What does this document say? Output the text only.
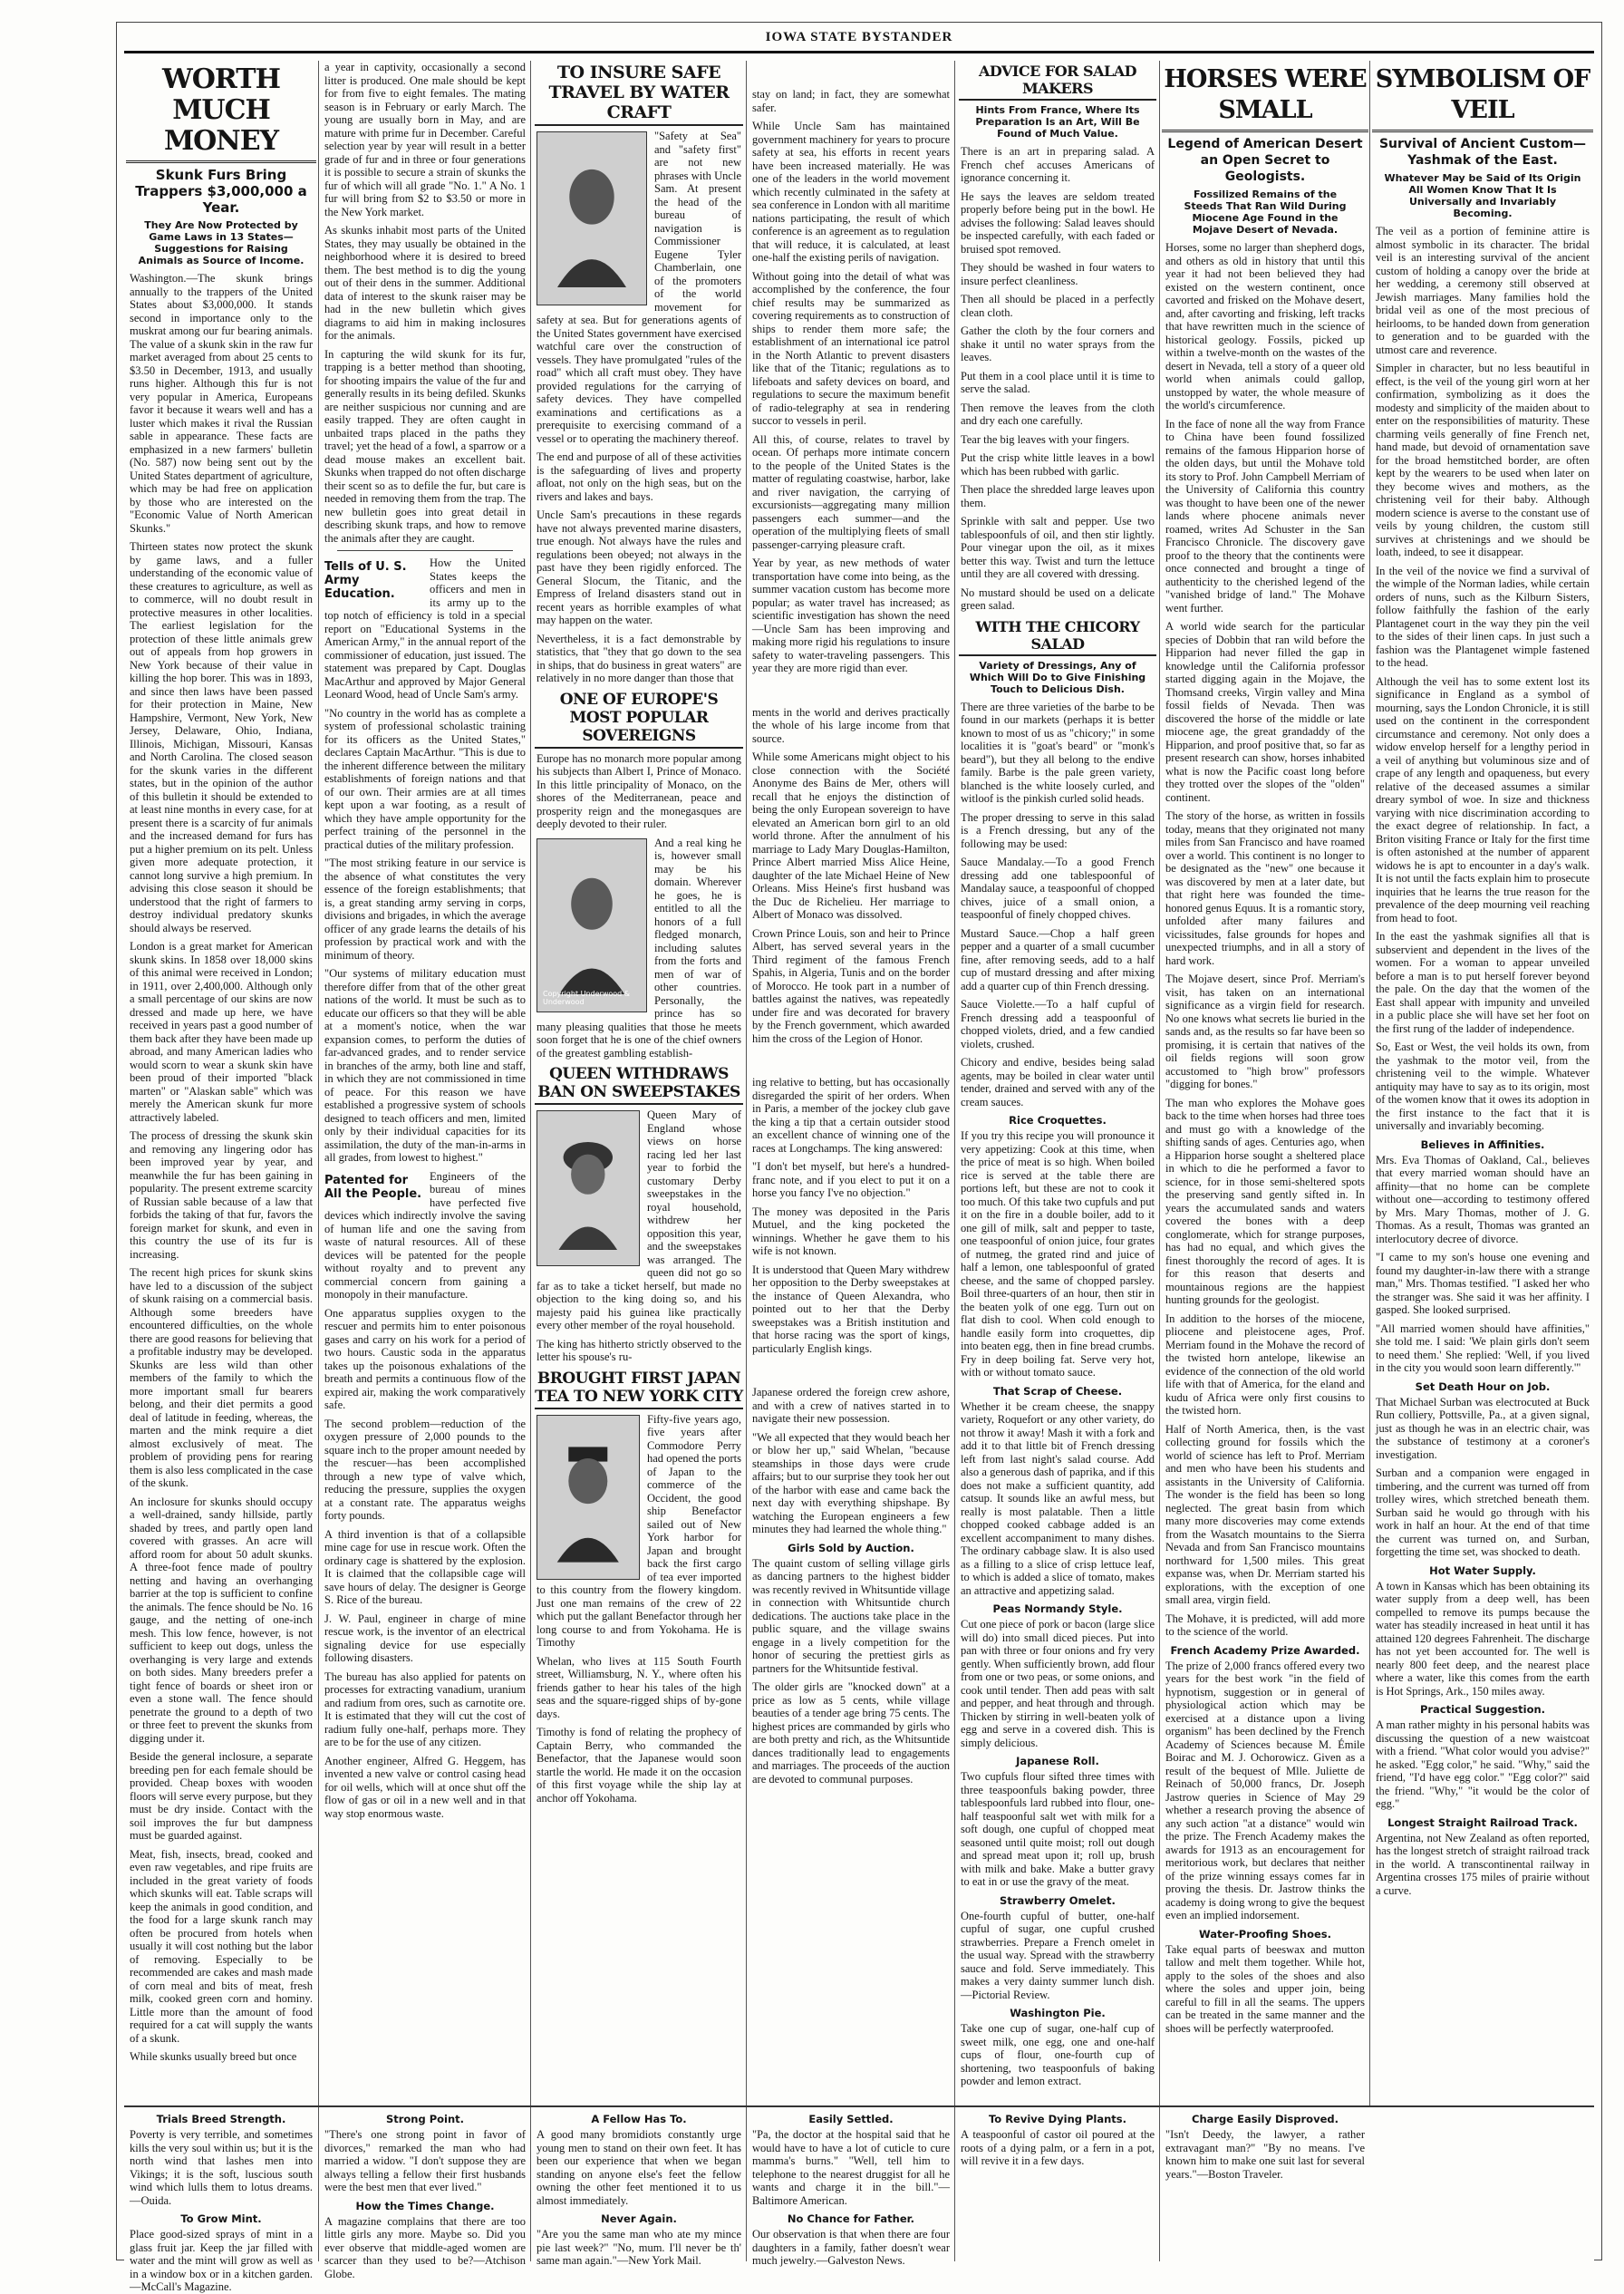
IOWA STATE BYSTANDER
WORTH MUCH MONEY
Skunk Furs Bring Trappers $3,000,000 a Year.
They Are Now Protected by Game Laws in 13 States—Suggestions for Raising Animals as Source of Income.

Washington.—The skunk brings annually to the trappers of the United States about $3,000,000. It stands second in importance only to the muskrat among our fur bearing animals. The value of a skunk skin in the raw fur market averaged from about 25 cents to $3.50 in December, 1913, and usually runs higher. Although this fur is not very popular in America, Europeans favor it because it wears well and has a luster which makes it rival the Russian sable in appearance. These facts are emphasized in a new farmers' bulletin (No. 587) now being sent out by the United States department of agriculture, which may be had free on application by those who are interested on the "Economic Value of North American Skunks."

Thirteen states now protect the skunk by game laws, and a fuller understanding of the economic value of these creatures to agriculture, as well as to commerce, will no doubt result in protective measures in other localities. The earliest legislation for the protection of these little animals grew out of appeals from hop growers in New York because of their value in killing the hop borer. This was in 1893, and since then laws have been passed for their protection in Maine, New Hampshire, Vermont, New York, New Jersey, Delaware, Ohio, Indiana, Illinois, Michigan, Missouri, Kansas and North Carolina. The closed season for the skunk varies in the different states, but in the opinion of the author of this bulletin it should be extended to at least nine months in every case, for at present there is a scarcity of fur animals and the increased demand for furs has put a higher premium on its pelt. Unless given more adequate protection, it cannot long survive a high premium. In advising this close season it should be understood that the right of farmers to destroy individual predatory skunks should always be reserved.

London is a great market for American skunk skins. In 1858 over 18,000 skins of this animal were received in London; in 1911, over 2,400,000. Although only a small percentage of our skins are now dressed and made up here, we have received in years past a good number of them back after they have been made up abroad, and many American ladies who would scorn to wear a skunk skin have been proud of their imported "black marten" or "Alaskan sable" which was merely the American skunk fur more attractively labeled.

The process of dressing the skunk skin and removing any lingering odor has been improved year by year, and meanwhile the fur has been gaining in popularity. The present extreme scarcity of Russian sable because of a law that forbids the taking of that fur, favors the foreign market for skunk, and even in this country the use of its fur is increasing.

The recent high prices for skunk skins have led to a discussion of the subject of skunk raising on a commercial basis. Although some breeders have encountered difficulties, on the whole there are good reasons for believing that a profitable industry may be developed. Skunks are less wild than other members of the family to which the more important small fur bearers belong, and their diet permits a good deal of latitude in feeding, whereas, the marten and the mink require a diet almost exclusively of meat. The problem of providing pens for rearing them is also less complicated in the case of the skunk.

An inclosure for skunks should occupy a well-drained, sandy hillside, partly shaded by trees, and partly open land covered with grasses. An acre will afford room for about 50 adult skunks. A three-foot fence made of poultry netting and having an overhanging barrier at the top is sufficient to confine the animals. The fence should be No. 16 gauge, and the netting of one-inch mesh. This low fence, however, is not sufficient to keep out dogs, unless the overhanging is very large and extends on both sides. Many breeders prefer a tight fence of boards or sheet iron or even a stone wall. The fence should penetrate the ground to a depth of two or three feet to prevent the skunks from digging under it.

Beside the general inclosure, a separate breeding pen for each female should be provided. Cheap boxes with wooden floors will serve every purpose, but they must be dry inside. Contact with the soil improves the fur but dampness must be guarded against.

Meat, fish, insects, bread, cooked and even raw vegetables, and ripe fruits are included in the great variety of foods which skunks will eat. Table scraps will keep the animals in good condition, and the food for a large skunk ranch may often be procured from hotels when usually it will cost nothing but the labor of removing. Especially to be recommended are cakes and mash made of corn meal and bits of meat, fresh milk, cooked green corn and hominy. Little more than the amount of food required for a cat will supply the wants of a skunk.

While skunks usually breed but once

a year in captivity, occasionally a second litter is produced. One male should be kept for from five to eight females. The mating season is in February or early March. The young are usually born in May, and are mature with prime fur in December. Careful selection year by year will result in a better grade of fur and in three or four generations it is possible to secure a strain of skunks the fur of which will all grade "No. 1." A No. 1 fur will bring from $2 to $3.50 or more in the New York market.

As skunks inhabit most parts of the United States, they may usually be obtained in the neighborhood where it is desired to breed them. The best method is to dig the young out of their dens in the summer. Additional data of interest to the skunk raiser may be had in the new bulletin which gives diagrams to aid him in making inclosures for the animals.

In capturing the wild skunk for its fur, trapping is a better method than shooting, for shooting impairs the value of the fur and generally results in its being defiled. Skunks are neither suspicious nor cunning and are easily trapped. They are often caught in unbaited traps placed in the paths they travel; yet the head of a fowl, a sparrow or a dead mouse makes an excellent bait. Skunks when trapped do not often discharge their scent so as to defile the fur, but care is needed in removing them from the trap. The new bulletin goes into great detail in describing skunk traps, and how to remove the animals after they are caught.

Tells of U. S. Army Education.

How the United States keeps the officers and men in its army up to the top notch of efficiency is told in a special report on "Educational Systems in the American Army," in the annual report of the commissioner of education, just issued. The statement was prepared by Capt. Douglas MacArthur and approved by Major General Leonard Wood, head of Uncle Sam's army.

"No country in the world has as complete a system of professional scholastic training for its officers as the United States," declares Captain MacArthur. "This is due to the inherent difference between the military establishments of foreign nations and that of our own. Their armies are at all times kept upon a war footing, as a result of which they have ample opportunity for the perfect training of the personnel in the practical duties of the military profession.

"The most striking feature in our service is the absence of what constitutes the very essence of the foreign establishments; that is, a great standing army serving in corps, divisions and brigades, in which the average officer of any grade learns the details of his profession by practical work and with the minimum of theory.

"Our systems of military education must therefore differ from that of the other great nations of the world. It must be such as to educate our officers so that they will be able at a moment's notice, when the war expansion comes, to perform the duties of far-advanced grades, and to render service in branches of the army, both line and staff, in which they are not commissioned in time of peace. For this reason we have established a progressive system of schools designed to teach officers and men, limited only by their individual capacities for its assimilation, the duty of the man-in-arms in all grades, from lowest to highest."

Patented for All the People.

Engineers of the bureau of mines have perfected five devices which indirectly involve the saving of human life and one the saving from waste of natural resources. All of these devices will be patented for the people without royalty and to prevent any commercial concern from gaining a monopoly in their manufacture.

One apparatus supplies oxygen to the rescuer and permits him to enter poisonous gases and carry on his work for a period of two hours. Caustic soda in the apparatus takes up the poisonous exhalations of the breath and permits a continuous flow of the expired air, making the work comparatively safe.

The second problem—reduction of the oxygen pressure of 2,000 pounds to the square inch to the proper amount needed by the rescuer—has been accomplished through a new type of valve which, reducing the pressure, supplies the oxygen at a constant rate. The apparatus weighs forty pounds.

A third invention is that of a collapsible mine cage for use in rescue work. Often the ordinary cage is shattered by the explosion. It is claimed that the collapsible cage will save hours of delay. The designer is George S. Rice of the bureau.

J. W. Paul, engineer in charge of mine rescue work, is the inventor of an electrical signaling device for use especially following disasters.

The bureau has also applied for patents on processes for extracting vanadium, uranium and radium from ores, such as carnotite ore. It is estimated that they will cut the cost of radium fully one-half, perhaps more. They are to be for the use of any citizen.

Another engineer, Alfred G. Heggem, has invented a new valve or control casing head for oil wells, which will at once shut off the flow of gas or oil in a new well and in that way stop enormous waste.

TO INSURE SAFE TRAVEL BY WATER CRAFT

"Safety at Sea" and "safety first" are not new phrases with Uncle Sam. At present the head of the bureau of navigation is Commissioner Eugene Tyler Chamberlain, one of the promoters of the world movement for safety at sea. But for generations agents of the United States government have exercised watchful care over the construction of vessels. They have promulgated "rules of the road" which all craft must obey. They have provided regulations for the carrying of safety devices. They have compelled examinations and certifications as a prerequisite to exercising command of a vessel or to operating the machinery thereof.

The end and purpose of all of these activities is the safeguarding of lives and property afloat, not only on the high seas, but on the rivers and lakes and bays.

Uncle Sam's precautions in these regards have not always prevented marine disasters, true enough. Not always have the rules and regulations been obeyed; not always in the past have they been rigidly enforced. The General Slocum, the Titanic, and the Empress of Ireland disasters stand out in recent years as horrible examples of what may happen on the water.

Nevertheless, it is a fact demonstrable by statistics, that "they that go down to the sea in ships, that do business in great waters" are relatively in no more danger than those that

ONE OF EUROPE'S MOST POPULAR SOVEREIGNS

Europe has no monarch more popular among his subjects than Albert I, Prince of Monaco. In this little principality of Monaco, on the shores of the Mediterranean, peace and prosperity reign and the monegasques are deeply devoted to their ruler.

Copyright Underwood & Underwood

And a real king he is, however small may be his domain. Wherever he goes, he is entitled to all the honors of a full fledged monarch, including salutes from the forts and men of war of other countries. Personally, the prince has so many pleasing qualities that those he meets soon forget that he is one of the chief owners of the greatest gambling establish-

QUEEN WITHDRAWS BAN ON SWEEPSTAKES

Queen Mary of England whose views on horse racing led her last year to forbid the customary Derby sweepstakes in the royal household, withdrew her opposition this year, and the sweepstakes was arranged. The queen did not go so far as to take a ticket herself, but made no objection to the king doing so, and his majesty paid his guinea like practically every other member of the royal household.

The king has hitherto strictly observed to the letter his spouse's ru-

BROUGHT FIRST JAPAN TEA TO NEW YORK CITY

Fifty-five years ago, five years after Commodore Perry had opened the ports of Japan to the commerce of the Occident, the good ship Benefactor sailed out of New York harbor for Japan and brought back the first cargo of tea ever imported to this country from the flowery kingdom. Just one man remains of the crew of 22 which put the gallant Benefactor through her long course to and from Yokohama. He is Timothy

Whelan, who lives at 115 South Fourth street, Williamsburg, N. Y., where often his friends gather to hear his tales of the high seas and the square-rigged ships of by-gone days.

Timothy is fond of relating the prophecy of Captain Berry, who commanded the Benefactor, that the Japanese would soon startle the world. He made it on the occasion of this first voyage while the ship lay at anchor off Yokohama.

stay on land; in fact, they are somewhat safer.

While Uncle Sam has maintained government machinery for years to procure safety at sea, his efforts in recent years have been increased materially. He was one of the leaders in the world movement which recently culminated in the safety at sea conference in London with all maritime nations participating, the result of which conference is an agreement as to regulation that will reduce, it is calculated, at least one-half the existing perils of navigation.

Without going into the detail of what was accomplished by the conference, the four chief results may be summarized as covering requirements as to construction of ships to render them more safe; the establishment of an international ice patrol in the North Atlantic to prevent disasters like that of the Titanic; regulations as to lifeboats and safety devices on board, and regulations to secure the maximum benefit of radio-telegraphy at sea in rendering succor to vessels in peril.

All this, of course, relates to travel by ocean. Of perhaps more intimate concern to the people of the United States is the matter of regulating coastwise, harbor, lake and river navigation, the carrying of excursionists—aggregating many million passengers each summer—and the operation of the multiplying fleets of small passenger-carrying pleasure craft.

Year by year, as new methods of water transportation have come into being, as the summer vacation custom has become more popular; as water travel has increased; as scientific investigation has shown the need—Uncle Sam has been improving and making more rigid his regulations to insure safety to water-traveling passengers. This year they are more rigid than ever.

ments in the world and derives practically the whole of his large income from that source.

While some Americans might object to his close connection with the Société Anonyme des Bains de Mer, others will recall that he enjoys the distinction of being the only European sovereign to have elevated an American born girl to an old world throne. After the annulment of his marriage to Lady Mary Douglas-Hamilton, Prince Albert married Miss Alice Heine, daughter of the late Michael Heine of New Orleans. Miss Heine's first husband was the Duc de Richelieu. Her marriage to Albert of Monaco was dissolved.

Crown Prince Louis, son and heir to Prince Albert, has served several years in the Third regiment of the famous French Spahis, in Algeria, Tunis and on the border of Morocco. He took part in a number of battles against the natives, was repeatedly under fire and was decorated for bravery by the French government, which awarded him the cross of the Legion of Honor.

ing relative to betting, but has occasionally disregarded the spirit of her orders. When in Paris, a member of the jockey club gave the king a tip that a certain outsider stood an excellent chance of winning one of the races at Longchamps. The king answered:

"I don't bet myself, but here's a hundred-franc note, and if you elect to put it on a horse you fancy I've no objection."

The money was deposited in the Paris Mutuel, and the king pocketed the winnings. Whether he gave them to his wife is not known.

It is understood that Queen Mary withdrew her opposition to the Derby sweepstakes at the instance of Queen Alexandra, who pointed out to her that the Derby sweepstakes was a British institution and that horse racing was the sport of kings, particularly English kings.

Japanese ordered the foreign crew ashore, and with a crew of natives started in to navigate their new possession.

"We all expected that they would beach her or blow her up," said Whelan, "because steamships in those days were crude affairs; but to our surprise they took her out of the harbor with ease and came back the next day with everything shipshape. By watching the European engineers a few minutes they had learned the whole thing."

Girls Sold by Auction.

The quaint custom of selling village girls as dancing partners to the highest bidder was recently revived in Whitsuntide village in connection with Whitsuntide church dedications. The auctions take place in the public square, and the village swains engage in a lively competition for the honor of securing the prettiest girls as partners for the Whitsuntide festival.

The older girls are "knocked down" at a price as low as 5 cents, while village beauties of a tender age bring 75 cents. The highest prices are commanded by girls who are both pretty and rich, as the Whitsuntide dances traditionally lead to engagements and marriages. The proceeds of the auction are devoted to communal purposes.

ADVICE FOR SALAD MAKERS
Hints From France, Where Its Preparation Is an Art, Will Be Found of Much Value.

There is an art in preparing salad. A French chef accuses Americans of ignorance concerning it.

He says the leaves are seldom treated properly before being put in the bowl. He advises the following: Salad leaves should be inspected carefully, with each faded or bruised spot removed.

They should be washed in four waters to insure perfect cleanliness.

Then all should be placed in a perfectly clean cloth.

Gather the cloth by the four corners and shake it until no water sprays from the leaves.

Put them in a cool place until it is time to serve the salad.

Then remove the leaves from the cloth and dry each one carefully.

Tear the big leaves with your fingers.

Put the crisp white little leaves in a bowl which has been rubbed with garlic.

Then place the shredded large leaves upon them.

Sprinkle with salt and pepper. Use two tablespoonfuls of oil, and then stir lightly. Pour vinegar upon the oil, as it mixes better this way. Twist and turn the lettuce until they are all covered with dressing.

No mustard should be used on a delicate green salad.

WITH THE CHICORY SALAD
Variety of Dressings, Any of Which Will Do to Give Finishing Touch to Delicious Dish.

There are three varieties of the barbe to be found in our markets (perhaps it is better known to most of us as "chicory;" in some localities it is "goat's beard" or "monk's beard"), but they all belong to the endive family. Barbe is the pale green variety, blanched is the white loosely curled, and witloof is the pinkish curled solid heads.

The proper dressing to serve in this salad is a French dressing, but any of the following may be used:

Sauce Mandalay.—To a good French dressing add one tablespoonful of Mandalay sauce, a teaspoonful of chopped chives, juice of a small onion, a teaspoonful of finely chopped chives.

Mustard Sauce.—Chop a half green pepper and a quarter of a small cucumber fine, after removing seeds, add to a half cup of mustard dressing and after mixing add a quarter cup of thin French dressing.

Sauce Violette.—To a half cupful of French dressing add a teaspoonful of chopped violets, dried, and a few candied violets, crushed.

Chicory and endive, besides being salad agents, may be boiled in clear water until tender, drained and served with any of the cream sauces.

Rice Croquettes.

If you try this recipe you will pronounce it very appetizing: Cook at this time, when the price of meat is so high. When boiled rice is served at the table there are portions left, but these are not to cook it too much. Of this take two cupfuls and put it on the fire in a double boiler, add to it one gill of milk, salt and pepper to taste, one teaspoonful of onion juice, four grates of nutmeg, the grated rind and juice of half a lemon, one tablespoonful of grated cheese, and the same of chopped parsley. Boil three-quarters of an hour, then stir in the beaten yolk of one egg. Turn out on flat dish to cool. When cold enough to handle easily form into croquettes, dip into beaten egg, then in fine bread crumbs. Fry in deep boiling fat. Serve very hot, with or without tomato sauce.

That Scrap of Cheese.

Whether it be cream cheese, the snappy variety, Roquefort or any other variety, do not throw it away! Mash it with a fork and add it to that little bit of French dressing left from last night's salad course. Add also a generous dash of paprika, and if this does not make a sufficient quantity, add catsup. It sounds like an awful mess, but really is most palatable. Then a little chopped cooked cabbage added is an excellent accompaniment to many dishes. The ordinary cabbage slaw. It is also used as a filling to a slice of crisp lettuce leaf, to which is added a slice of tomato, makes an attractive and appetizing salad.

Peas Normandy Style.

Cut one piece of pork or bacon (large slice will do) into small diced pieces. Put into pan with three or four onions and fry very gently. When sufficiently brown, add flour from one or two peas, or some onions, and cook until tender. Then add peas with salt and pepper, and heat through and through. Thicken by stirring in well-beaten yolk of egg and serve in a covered dish. This is simply delicious.

Japanese Roll.

Two cupfuls flour sifted three times with three teaspoonfuls baking powder, three tablespoonfuls lard rubbed into flour, one-half teaspoonful salt wet with milk for a soft dough, one cupful of chopped meat seasoned until quite moist; roll out dough and spread meat upon it; roll up, brush with milk and bake. Make a butter gravy to eat in or use the gravy of the meat.

Strawberry Omelet.

One-fourth cupful of butter, one-half cupful of sugar, one cupful crushed strawberries. Prepare a French omelet in the usual way. Spread with the strawberry sauce and fold. Serve immediately. This makes a very dainty summer lunch dish.—Pictorial Review.

Washington Pie.

Take one cup of sugar, one-half cup of sweet milk, one egg, one and one-half cups of flour, one-fourth cup of shortening, two teaspoonfuls of baking powder and lemon extract.

HORSES WERE SMALL
Legend of American Desert an Open Secret to Geologists.
Fossilized Remains of the Steeds That Ran Wild During Miocene Age Found in the Mojave Desert of Nevada.

Horses, some no larger than shepherd dogs, and others as old in history that until this year it had not been believed they had existed on the western continent, once cavorted and frisked on the Mohave desert, and, after cavorting and frisking, left tracks that have rewritten much in the science of historical geology. Fossils, picked up within a twelve-month on the wastes of the desert in Nevada, tell a story of a queer old world when animals could gallop, unstopped by water, the whole measure of the world's circumference.

In the face of none all the way from France to China have been found fossilized remains of the famous Hipparion horse of the olden days, but until the Mohave told its story to Prof. John Campbell Merriam of the University of California this country was thought to have been one of the newer lands where phocene animals never roamed, writes Ad Schuster in the San Francisco Chronicle. The discovery gave proof to the theory that the continents were once connected and brought a tinge of authenticity to the cherished legend of the "vanished bridge of land." The Mohave went further.

A world wide search for the particular species of Dobbin that ran wild before the Hipparion had never filled the gap in knowledge until the California professor started digging again in the Mojave, the Thomsand creeks, Virgin valley and Mina fossil fields of Nevada. Then was discovered the horse of the middle or late miocene age, the great grandaddy of the Hipparion, and proof positive that, so far as present research can show, horses inhabited what is now the Pacific coast long before they trotted over the slopes of the "olden" continent.

The story of the horse, as written in fossils today, means that they originated not many miles from San Francisco and have roamed over a world. This continent is no longer to be designated as the "new" one because it was discovered by men at a later date, but that right here was founded the time-honored genus Equus. It is a romantic story, unfolded after many failures and vicissitudes, false grounds for hopes and unexpected triumphs, and in all a story of hard work.

The Mojave desert, since Prof. Merriam's visit, has taken on an international significance as a virgin field for research. No one knows what secrets lie buried in the sands and, as the results so far have been so promising, it is certain that natives of the oil fields regions will soon grow accustomed to "high brow" professors "digging for bones."

The man who explores the Mohave goes back to the time when horses had three toes and must go with a knowledge of the shifting sands of ages. Centuries ago, when a Hipparion horse sought a sheltered place in which to die he performed a favor to science, for in those semi-sheltered spots the preserving sand gently sifted in. In years the accumulated sands and waters covered the bones with a deep conglomerate, which for strange purposes, has had no equal, and which gives the finest thoroughly the record of ages. It is for this reason that deserts and mountainous regions are the happiest hunting grounds for the geologist.

In addition to the horses of the miocene, pliocene and pleistocene ages, Prof. Merriam found in the Mohave the record of the twisted horn antelope, likewise an evidence of the connection of the old world life with that of America, for the eland and kudu of Africa were only first cousins to the twisted horn.

Half of North America, then, is the vast collecting ground for fossils which the world of science has left to Prof. Merriam and men who have been his students and assistants in the University of California. The wonder is the field has been so long neglected. The great basin from which many more discoveries may come extends from the Wasatch mountains to the Sierra Nevada and from San Francisco mountains northward for 1,500 miles. This great expanse was, when Dr. Merriam started his explorations, with the exception of one small area, virgin field.

The Mohave, it is predicted, will add more to the science of the world.

French Academy Prize Awarded.

The prize of 2,000 francs offered every two years for the best work "in the field of hypnotism, suggestion or in general of physiological action which may be exercised at a distance upon a living organism" has been declined by the French Academy of Sciences because M. Émile Boirac and M. J. Ochorowicz. Given as a result of the bequest of Mlle. Juliette de Reinach of 50,000 francs, Dr. Joseph Jastrow queries in Science of May 29 whether a research proving the absence of any such action "at a distance" would win the prize. The French Academy makes the awards for 1913 as an encouragement for meritorious work, but declares that neither of the prize winning essays comes far in proving the thesis. Dr. Jastrow thinks the academy is doing wrong to give the bequest even an implied indorsement.

Water-Proofing Shoes.

Take equal parts of beeswax and mutton tallow and melt them together. While hot, apply to the soles of the shoes and also where the soles and upper join, being careful to fill in all the seams. The uppers can be treated in the same manner and the shoes will be perfectly waterproofed.

SYMBOLISM OF VEIL
Survival of Ancient Custom—Yashmak of the East.
Whatever May be Said of Its Origin All Women Know That It Is Universally and Invariably Becoming.

The veil as a portion of feminine attire is almost symbolic in its character. The bridal veil is an interesting survival of the ancient custom of holding a canopy over the bride at her wedding, a ceremony still observed at Jewish marriages. Many families hold the bridal veil as one of the most precious of heirlooms, to be handed down from generation to generation and to be guarded with the utmost care and reverence.

Simpler in character, but no less beautiful in effect, is the veil of the young girl worn at her confirmation, symbolizing as it does the modesty and simplicity of the maiden about to enter on the responsibilities of maturity. These charming veils generally of fine French net, hand made, but devoid of ornamentation save for the broad hemstitched border, are often kept by the wearers to be used when later on they become wives and mothers, as the christening veil for their baby. Although modern science is averse to the constant use of veils by young children, the custom still survives at christenings and we should be loath, indeed, to see it disappear.

In the veil of the novice we find a survival of the wimple of the Norman ladies, while certain orders of nuns, such as the Kilburn Sisters, follow faithfully the fashion of the early Plantagenet court in the way they pin the veil to the sides of their linen caps. In just such a fashion was the Plantagenet wimple fastened to the head.

Although the veil has to some extent lost its significance in England as a symbol of mourning, says the London Chronicle, it is still used on the continent in the correspondent circumstance and ceremony. Not only does a widow envelop herself for a lengthy period in a veil of anything but voluminous size and of crape of any length and opaqueness, but every relative of the deceased assumes a similar dreary symbol of woe. In size and thickness varying with nice discrimination according to the exact degree of relationship. In fact, a Briton visiting France or Italy for the first time is often astonished at the number of apparent widows he is apt to encounter in a day's walk. It is not until the facts explain him to prosecute inquiries that he learns the true reason for the prevalence of the deep mourning veil reaching from head to foot.

In the east the yashmak signifies all that is subservient and dependent in the lives of the women. For a woman to appear unveiled before a man is to put herself forever beyond the pale. On the day that the women of the East shall appear with impunity and unveiled in a public place she will have set her foot on the first rung of the ladder of independence.

So, East or West, the veil holds its own, from the yashmak to the motor veil, from the christening veil to the wimple. Whatever antiquity may have to say as to its origin, most of the women know that it owes its adoption in the first instance to the fact that it is universally and invariably becoming.

Believes in Affinities.

Mrs. Eva Thomas of Oakland, Cal., believes that every married woman should have an affinity—that no home can be complete without one—according to testimony offered by Mrs. Mary Thomas, mother of J. G. Thomas. As a result, Thomas was granted an interlocutory decree of divorce.

"I came to my son's house one evening and found my daughter-in-law there with a strange man," Mrs. Thomas testified. "I asked her who the stranger was. She said it was her affinity. I gasped. She looked surprised.

"All married women should have affinities," she told me. I said: 'We plain girls don't seem to need them.' She replied: 'Well, if you lived in the city you would soon learn differently.'"

Set Death Hour on Job.

That Michael Surban was electrocuted at Buck Run colliery, Pottsville, Pa., at a given signal, just as though he was in an electric chair, was the substance of testimony at a coroner's investigation.

Surban and a companion were engaged in timbering, and the current was turned off from trolley wires, which stretched beneath them. Surban said he would go through with his work in half an hour. At the end of that time the current was turned on, and Surban, forgetting the time set, was shocked to death.

Hot Water Supply.

A town in Kansas which has been obtaining its water supply from a deep well, has been compelled to remove its pumps because the water has steadily increased in heat until it has attained 120 degrees Fahrenheit. The discharge has not yet been accounted for. The well is nearly 800 feet deep, and the nearest place where a water, like this comes from the earth is Hot Springs, Ark., 150 miles away.

Practical Suggestion.

A man rather mighty in his personal habits was discussing the question of a new waistcoat with a friend. "What color would you advise?" he asked. "Egg color," he said. "Why," said the friend, "I'd have egg color." "Egg color?" said the friend. "Why," "it would be the color of egg."

Longest Straight Railroad Track.

Argentina, not New Zealand as often reported, has the longest stretch of straight railroad track in the world. A transcontinental railway in Argentina crosses 175 miles of prairie without a curve.

Trials Breed Strength.

Poverty is very terrible, and sometimes kills the very soul within us; but it is the north wind that lashes men into Vikings; it is the soft, luscious south wind which lulls them to lotus dreams.—Ouida.

To Grow Mint.

Place good-sized sprays of mint in a glass fruit jar. Keep the jar filled with water and the mint will grow as well as in a window box or in a kitchen garden.—McCall's Magazine.

Strong Point.

"There's one strong point in favor of divorces," remarked the man who had married a widow. "I don't suppose they are always telling a fellow their first husbands were the best men that ever lived."

How the Times Change.

A magazine complains that there are too little girls any more. Maybe so. Did you ever observe that middle-aged women are scarcer than they used to be?—Atchison Globe.

A Fellow Has To.

A good many bromidiots constantly urge young men to stand on their own feet. It has been our experience that when we began standing on anyone else's feet the fellow owning the other feet mentioned it to us almost immediately.

Never Again.

"Are you the same man who ate my mince pie last week?" "No, mum. I'll never be th' same man again."—New York Mail.

Easily Settled.

"Pa, the doctor at the hospital said that he would have to have a lot of cuticle to cure mamma's burns." "Well, tell him to telephone to the nearest druggist for all he wants and charge it in the bill."—Baltimore American.

No Chance for Father.

Our observation is that when there are four daughters in a family, father doesn't wear much jewelry.—Galveston News.

To Revive Dying Plants.

A teaspoonful of castor oil poured at the roots of a dying palm, or a fern in a pot, will revive it in a few days.

Charge Easily Disproved.

"Isn't Deedy, the lawyer, a rather extravagant man?" "By no means. I've known him to make one suit last for several years."—Boston Traveler.
